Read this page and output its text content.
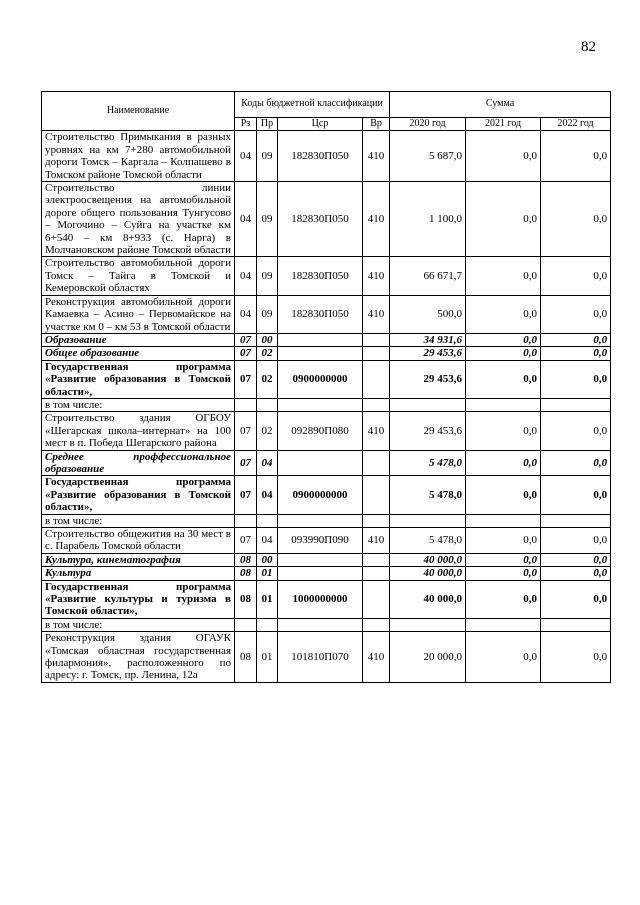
82
Наименование	Коды бюджетной классификации				Сумма		
	Рз	Пр	Цср	Вр	2020 год	2021 год	2022 год
Строительство Примыкания в разных уровнях на км 7+280 автомобильной дороги Томск – Каргала – Колпашево в Томском районе Томской области	04	09	182830П050	410	5 687,0	0,0	0,0
Строительство линии электроосвещения на автомобильной дороге общего пользования Тунгусово – Могочино – Суйга на участке км 6+540 – км 8+933 (с. Нарга) в Молчановском районе Томской области	04	09	182830П050	410	1 100,0	0,0	0,0
Строительство автомобильной дороги Томск – Тайга в Томской и Кемеровской областях	04	09	182830П050	410	66 671,7	0,0	0,0
Реконструкция автомобильной дороги Камаевка – Асино – Первомайское на участке км 0 – км 53 в Томской области	04	09	182830П050	410	500,0	0,0	0,0
Образование	07	00			34 931,6	0,0	0,0
Общее образование	07	02			29 453,6	0,0	0,0
Государственная программа «Развитие образования в Томской области»,	07	02	0900000000		29 453,6	0,0	0,0
в том числе:							
Строительство здания ОГБОУ «Шегарская школа–интернат» на 100 мест в п. Победа Шегарского района	07	02	092890П080	410	29 453,6	0,0	0,0
Среднее проффессиональное образование	07	04			5 478,0	0,0	0,0
Государственная программа «Развитие образования в Томской области»,	07	04	0900000000		5 478,0	0,0	0,0
в том числе:							
Строительство общежития на 30 мест в с. Парабель Томской области	07	04	093990П090	410	5 478,0	0,0	0,0
Культура, кинематография	08	00			40 000,0	0,0	0,0
Культура	08	01			40 000,0	0,0	0,0
Государственная программа «Развитие культуры и туризма в Томской области»,	08	01	1000000000		40 000,0	0,0	0,0
в том числе:							
Реконструкция здания ОГАУК «Томская областная государственная филармония», расположенного по адресу: г. Томск, пр. Ленина, 12а	08	01	101810П070	410	20 000,0	0,0	0,0
